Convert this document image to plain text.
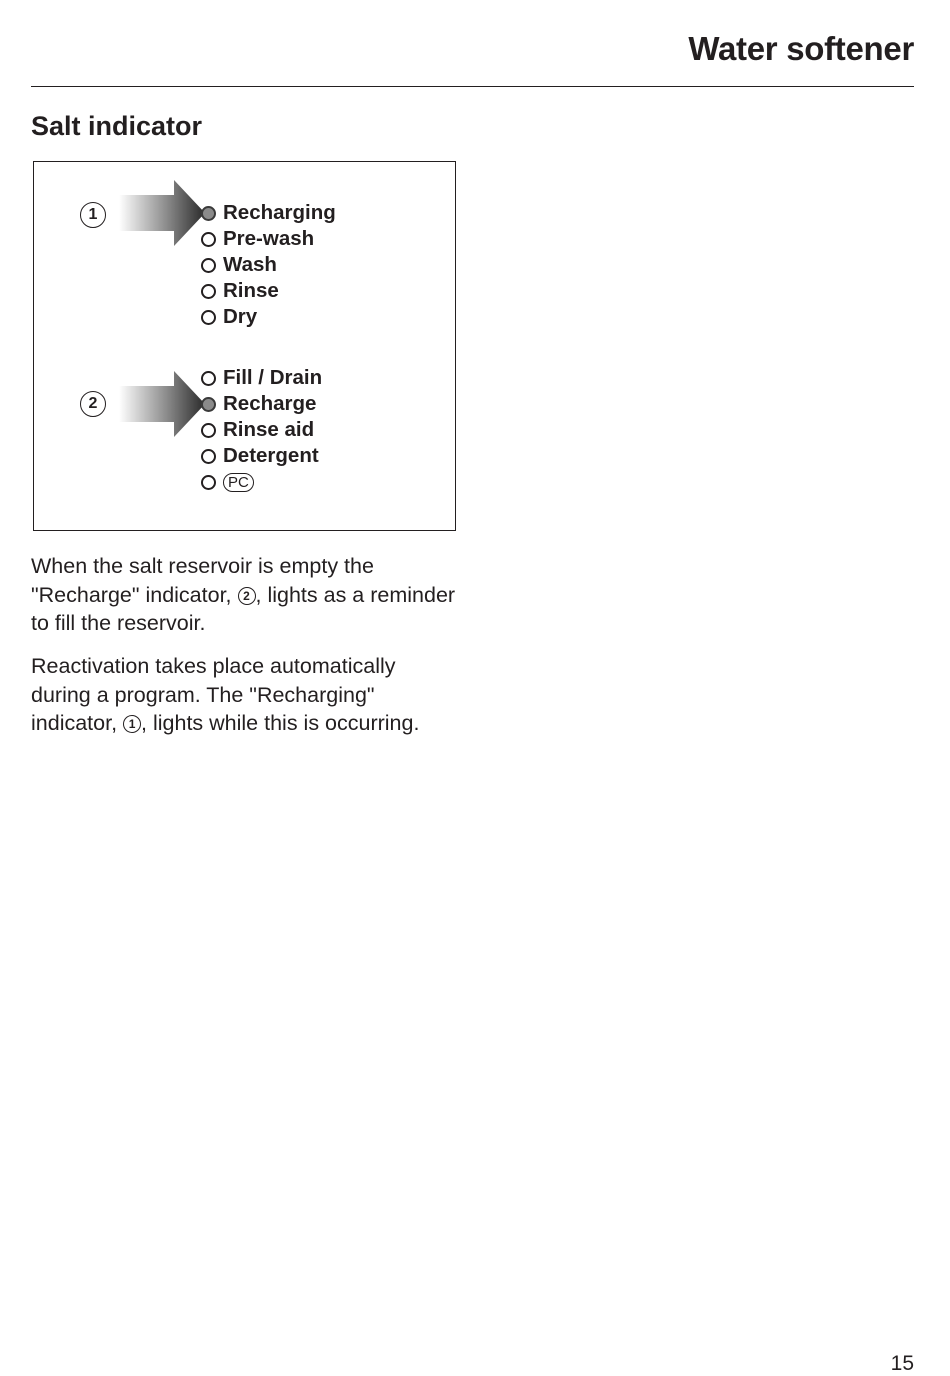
Water softener
Salt indicator
1	Recharging
Pre-wash
Wash
Rinse
Dry
2
Fill / Drain
Recharge
Rinse aid
Detergent
PC

When the salt reservoir is empty the "Recharge" indicator, 2 , lights as a reminder to fill the reservoir.

Reactivation takes place automatically during a program. The "Recharging" indicator, 1 , lights while this is occurring.

15
